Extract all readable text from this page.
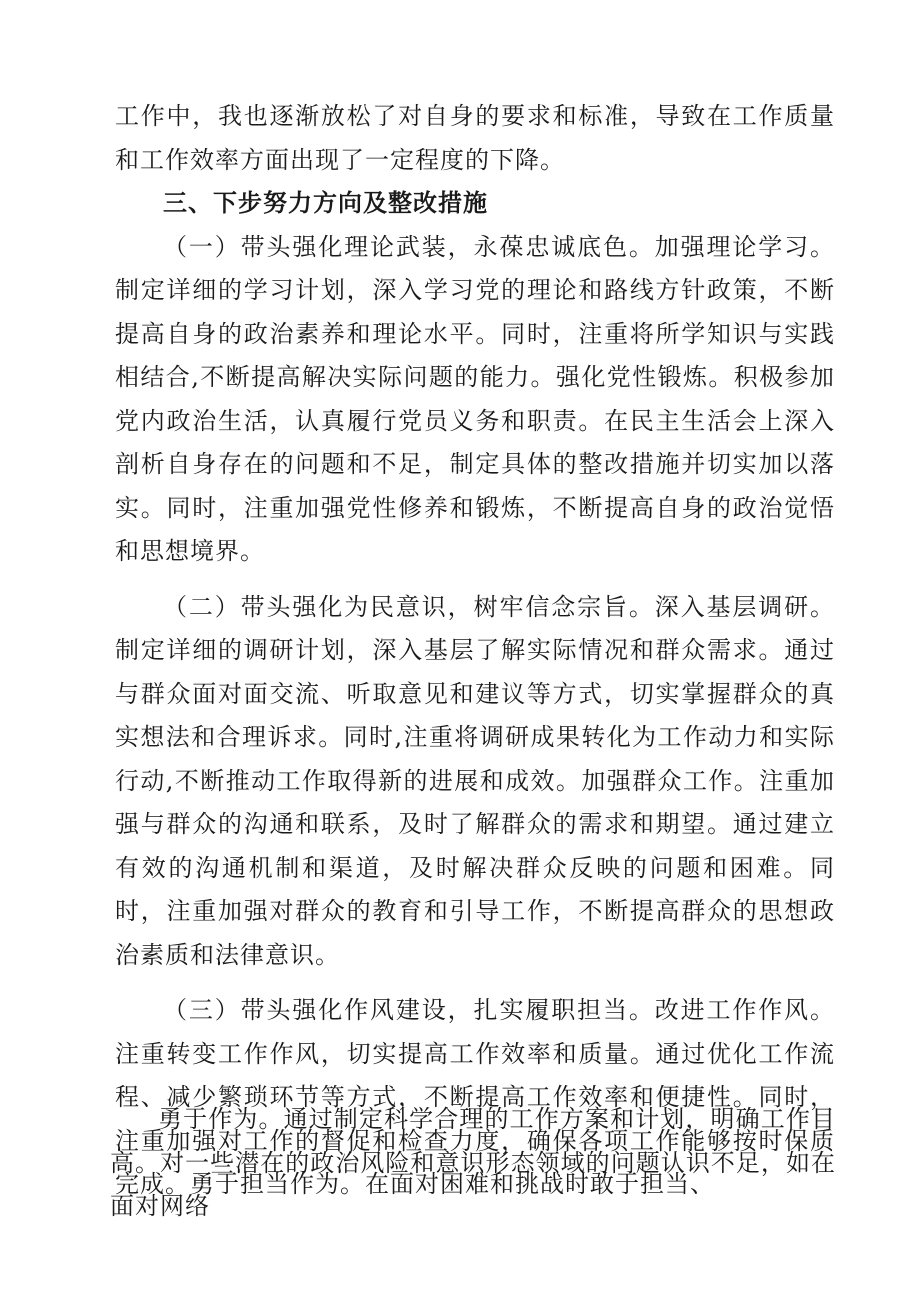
工作中，我也逐渐放松了对自身的要求和标准，导致在工作质量和工作效率方面出现了一定程度的下降。

三、下步努力方向及整改措施

（一）带头强化理论武装，永葆忠诚底色。加强理论学习。制定详细的学习计划，深入学习党的理论和路线方针政策，不断提高自身的政治素养和理论水平。同时，注重将所学知识与实践相结合,不断提高解决实际问题的能力。强化党性锻炼。积极参加党内政治生活，认真履行党员义务和职责。在民主生活会上深入剖析自身存在的问题和不足，制定具体的整改措施并切实加以落实。同时，注重加强党性修养和锻炼，不断提高自身的政治觉悟和思想境界。

（二）带头强化为民意识，树牢信念宗旨。深入基层调研。制定详细的调研计划，深入基层了解实际情况和群众需求。通过与群众面对面交流、听取意见和建议等方式，切实掌握群众的真实想法和合理诉求。同时,注重将调研成果转化为工作动力和实际行动,不断推动工作取得新的进展和成效。加强群众工作。注重加强与群众的沟通和联系，及时了解群众的需求和期望。通过建立有效的沟通机制和渠道，及时解决群众反映的问题和困难。同时，注重加强对群众的教育和引导工作，不断提高群众的思想政治素质和法律意识。

（三）带头强化作风建设，扎实履职担当。改进工作作风。注重转变工作作风，切实提高工作效率和质量。通过优化工作流程、减少繁琐环节等方式，不断提高工作效率和便捷性。同时，注重加强对工作的督促和检查力度，确保各项工作能够按时保质完成。勇于担当作为。在面对困难和挑战时敢于担当、

勇于作为。通过制定科学合理的工作方案和计划，明确工作目高。对一些潜在的政治风险和意识形态领域的问题认识不足，如在面对网络
